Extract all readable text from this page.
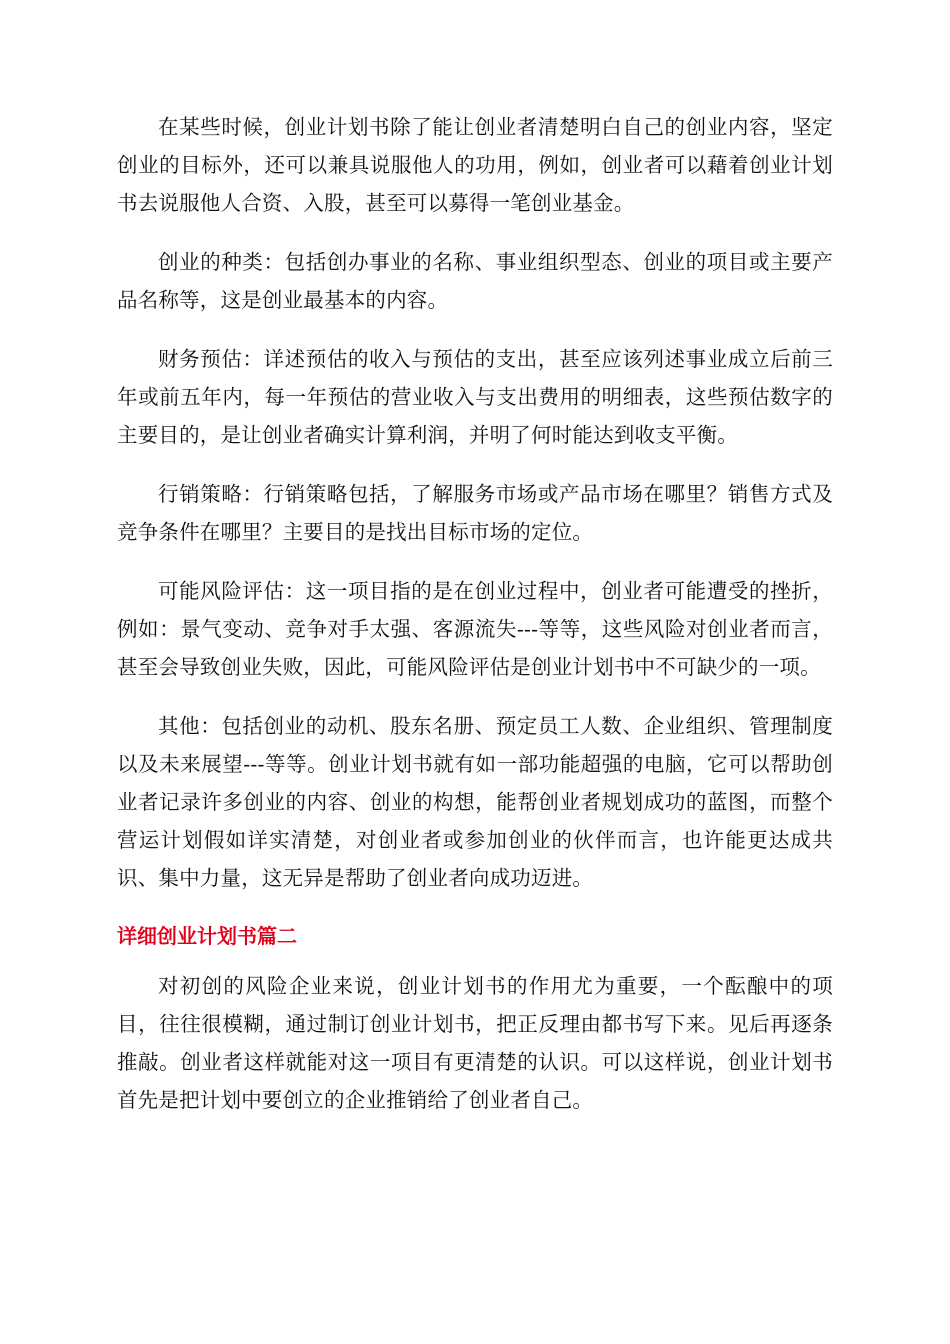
在某些时候，创业计划书除了能让创业者清楚明白自己的创业内容，坚定创业的目标外，还可以兼具说服他人的功用，例如，创业者可以藉着创业计划书去说服他人合资、入股，甚至可以募得一笔创业基金。

创业的种类：包括创办事业的名称、事业组织型态、创业的项目或主要产品名称等，这是创业最基本的内容。

财务预估：详述预估的收入与预估的支出，甚至应该列述事业成立后前三年或前五年内，每一年预估的营业收入与支出费用的明细表，这些预估数字的主要目的，是让创业者确实计算利润，并明了何时能达到收支平衡。

行销策略：行销策略包括，了解服务市场或产品市场在哪里？销售方式及竞争条件在哪里？主要目的是找出目标市场的定位。

可能风险评估：这一项目指的是在创业过程中，创业者可能遭受的挫折，例如：景气变动、竞争对手太强、客源流失---等等，这些风险对创业者而言，甚至会导致创业失败，因此，可能风险评估是创业计划书中不可缺少的一项。

其他：包括创业的动机、股东名册、预定员工人数、企业组织、管理制度以及未来展望---等等。创业计划书就有如一部功能超强的电脑，它可以帮助创业者记录许多创业的内容、创业的构想，能帮创业者规划成功的蓝图，而整个营运计划假如详实清楚，对创业者或参加创业的伙伴而言，也许能更达成共识、集中力量，这无异是帮助了创业者向成功迈进。

详细创业计划书篇二

对初创的风险企业来说，创业计划书的作用尤为重要，一个酝酿中的项目，往往很模糊，通过制订创业计划书，把正反理由都书写下来。见后再逐条推敲。创业者这样就能对这一项目有更清楚的认识。可以这样说，创业计划书首先是把计划中要创立的企业推销给了创业者自己。
